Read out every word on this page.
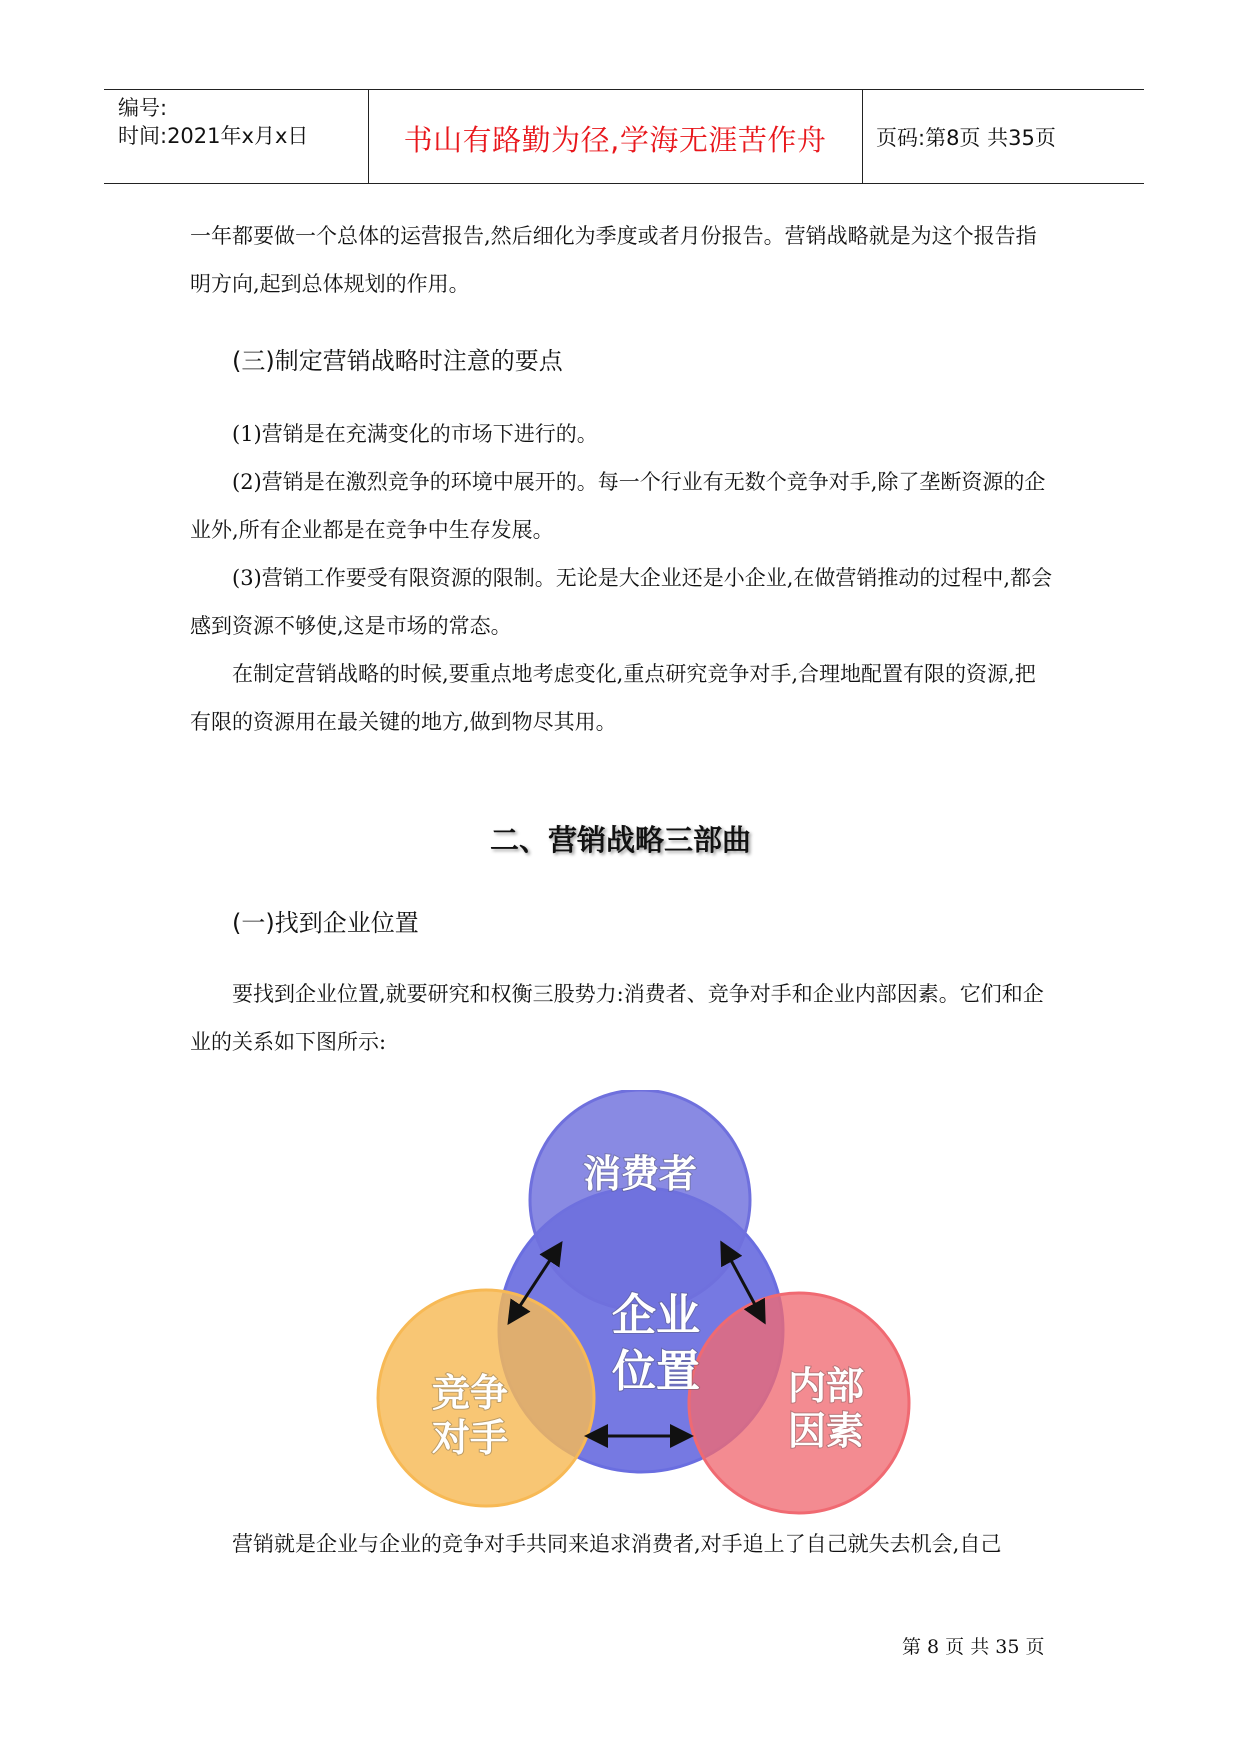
编号:
时间:2021年x月x日	书山有路勤为径,学海无涯苦作舟	页码:第8页 共35页
一年都要做一个总体的运营报告,然后细化为季度或者月份报告。营销战略就是为这个报告指明方向,起到总体规划的作用。
(三)制定营销战略时注意的要点
(1)营销是在充满变化的市场下进行的。
(2)营销是在激烈竞争的环境中展开的。每一个行业有无数个竞争对手,除了垄断资源的企业外,所有企业都是在竞争中生存发展。
(3)营销工作要受有限资源的限制。无论是大企业还是小企业,在做营销推动的过程中,都会感到资源不够使,这是市场的常态。
在制定营销战略的时候,要重点地考虑变化,重点研究竞争对手,合理地配置有限的资源,把有限的资源用在最关键的地方,做到物尽其用。
二、营销战略三部曲
(一)找到企业位置
要找到企业位置,就要研究和权衡三股势力:消费者、竞争对手和企业内部因素。它们和企业的关系如下图所示:
消费者
企业
位置
竞争
对手
内部
因素
营销就是企业与企业的竞争对手共同来追求消费者,对手追上了自己就失去机会,自己
第 8 页 共 35 页
